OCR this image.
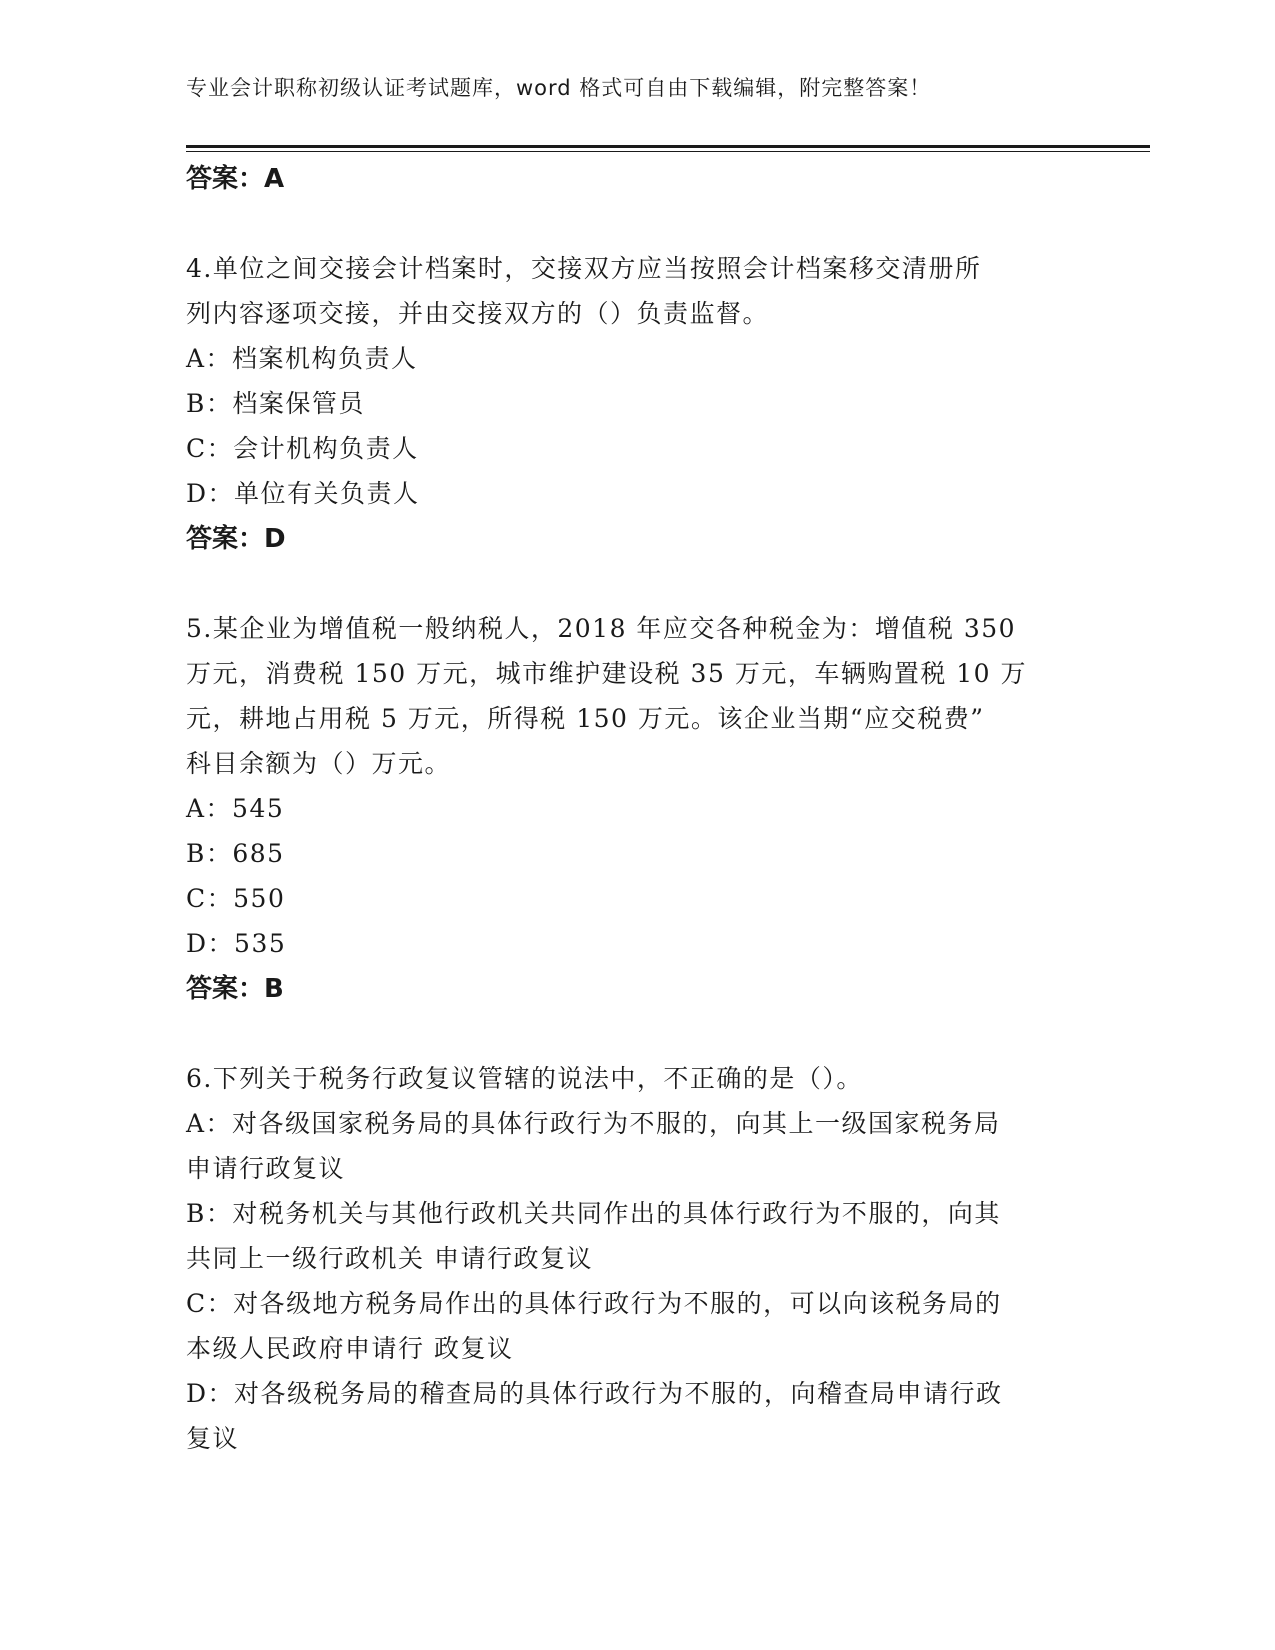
专业会计职称初级认证考试题库，word 格式可自由下载编辑，附完整答案！
答案：A
4.单位之间交接会计档案时，交接双方应当按照会计档案移交清册所
列内容逐项交接，并由交接双方的（）负责监督。
A：档案机构负责人
B：档案保管员
C：会计机构负责人
D：单位有关负责人
答案：D
5.某企业为增值税一般纳税人，2018 年应交各种税金为：增值税 350
万元，消费税 150 万元，城市维护建设税 35 万元，车辆购置税 10 万
元，耕地占用税 5 万元，所得税 150 万元。该企业当期“应交税费”
科目余额为（）万元。
A：545
B：685
C：550
D：535
答案：B
6.下列关于税务行政复议管辖的说法中，不正确的是（）。
A：对各级国家税务局的具体行政行为不服的，向其上一级国家税务局
申请行政复议
B：对税务机关与其他行政机关共同作出的具体行政行为不服的，向其
共同上一级行政机关 申请行政复议
C：对各级地方税务局作出的具体行政行为不服的，可以向该税务局的
本级人民政府申请行 政复议
D：对各级税务局的稽查局的具体行政行为不服的，向稽查局申请行政
复议
